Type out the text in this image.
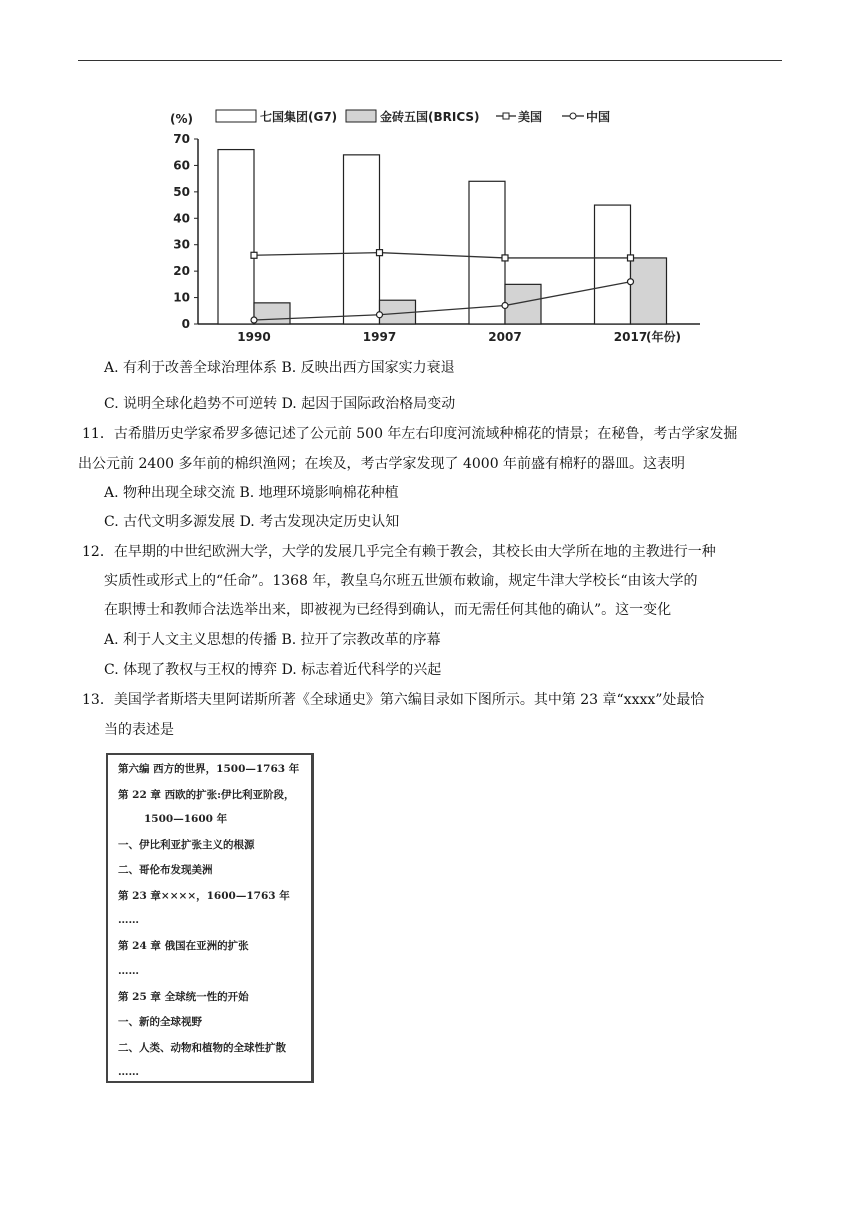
0
10
20
30
40
50
60
70
(%)
1990	1997	2007	2017
(年份)
七国集团(G7)	金砖五国(BRICS)	美国	中国
A. 有利于改善全球治理体系 B. 反映出西方国家实力衰退
C. 说明全球化趋势不可逆转 D. 起因于国际政治格局变动
11．古希腊历史学家希罗多德记述了公元前 500 年左右印度河流域种棉花的情景；在秘鲁，考古学家发掘
出公元前 2400 多年前的棉织渔网；在埃及，考古学家发现了 4000 年前盛有棉籽的器皿。这表明
A. 物种出现全球交流 B. 地理环境影响棉花种植
C. 古代文明多源发展 D. 考古发现决定历史认知
12．在早期的中世纪欧洲大学，大学的发展几乎完全有赖于教会，其校长由大学所在地的主教进行一种
实质性或形式上的“任命”。1368 年，教皇乌尔班五世颁布敕谕，规定牛津大学校长“由该大学的
在职博士和教师合法选举出来，即被视为已经得到确认，而无需任何其他的确认”。这一变化
A. 利于人文主义思想的传播 B. 拉开了宗教改革的序幕
C. 体现了教权与王权的博弈 D. 标志着近代科学的兴起
13．美国学者斯塔夫里阿诺斯所著《全球通史》第六编目录如下图所示。其中第 23 章“xxxx”处最恰
当的表述是
第六编 西方的世界，1500—1763 年
第 22 章 西欧的扩张:伊比利亚阶段，
1500—1600 年
一、伊比利亚扩张主义的根源
二、哥伦布发现美洲
第 23 章××××，1600—1763 年
……
第 24 章 俄国在亚洲的扩张
……
第 25 章 全球统一性的开始
一、新的全球视野
二、人类、动物和植物的全球性扩散
……
